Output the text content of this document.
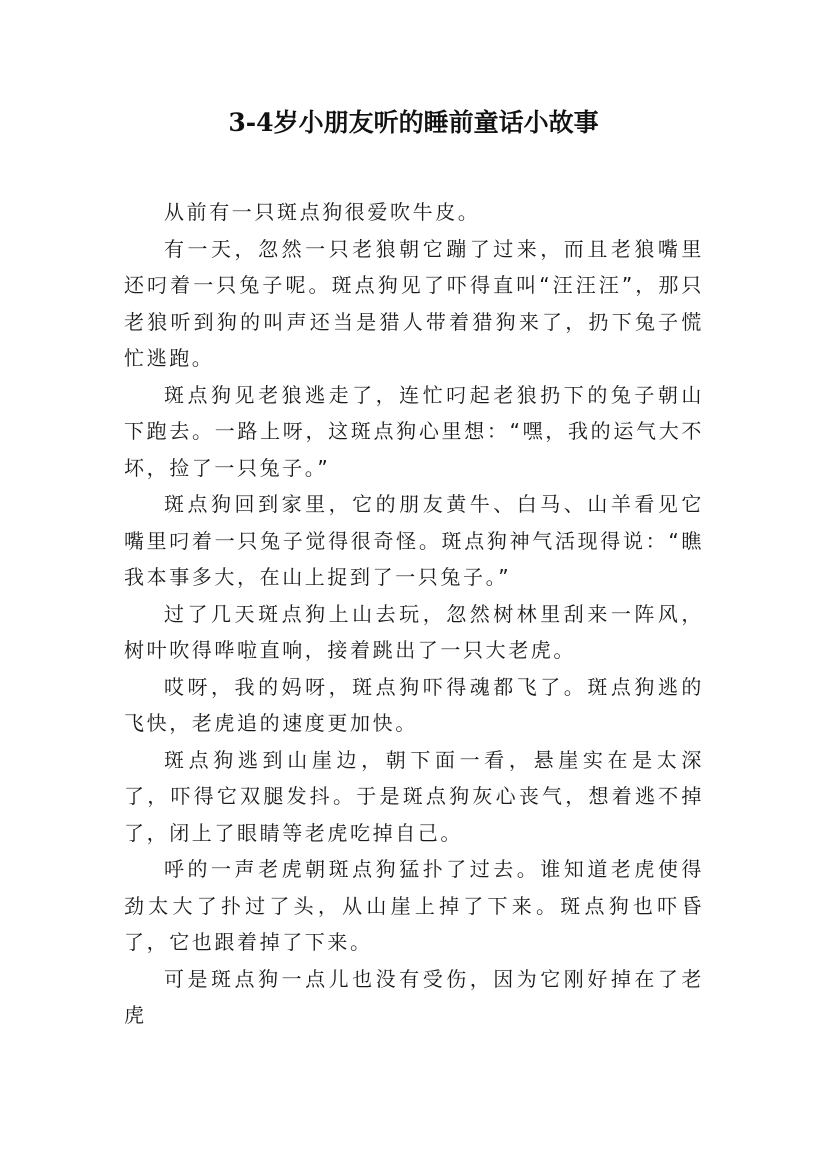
3-4岁小朋友听的睡前童话小故事

从前有一只斑点狗很爱吹牛皮。

有一天，忽然一只老狼朝它蹦了过来，而且老狼嘴里还叼着一只兔子呢。斑点狗见了吓得直叫“汪汪汪”，那只老狼听到狗的叫声还当是猎人带着猎狗来了，扔下兔子慌忙逃跑。

斑点狗见老狼逃走了，连忙叼起老狼扔下的兔子朝山下跑去。一路上呀，这斑点狗心里想：“嘿，我的运气大不坏，捡了一只兔子。”

斑点狗回到家里，它的朋友黄牛、白马、山羊看见它嘴里叼着一只兔子觉得很奇怪。斑点狗神气活现得说：“瞧我本事多大，在山上捉到了一只兔子。”

过了几天斑点狗上山去玩，忽然树林里刮来一阵风，树叶吹得哗啦直响，接着跳出了一只大老虎。

哎呀，我的妈呀，斑点狗吓得魂都飞了。斑点狗逃的飞快，老虎追的速度更加快。

斑点狗逃到山崖边，朝下面一看，悬崖实在是太深了，吓得它双腿发抖。于是斑点狗灰心丧气，想着逃不掉了，闭上了眼睛等老虎吃掉自己。

呼的一声老虎朝斑点狗猛扑了过去。谁知道老虎使得劲太大了扑过了头，从山崖上掉了下来。斑点狗也吓昏了，它也跟着掉了下来。

可是斑点狗一点儿也没有受伤，因为它刚好掉在了老虎
